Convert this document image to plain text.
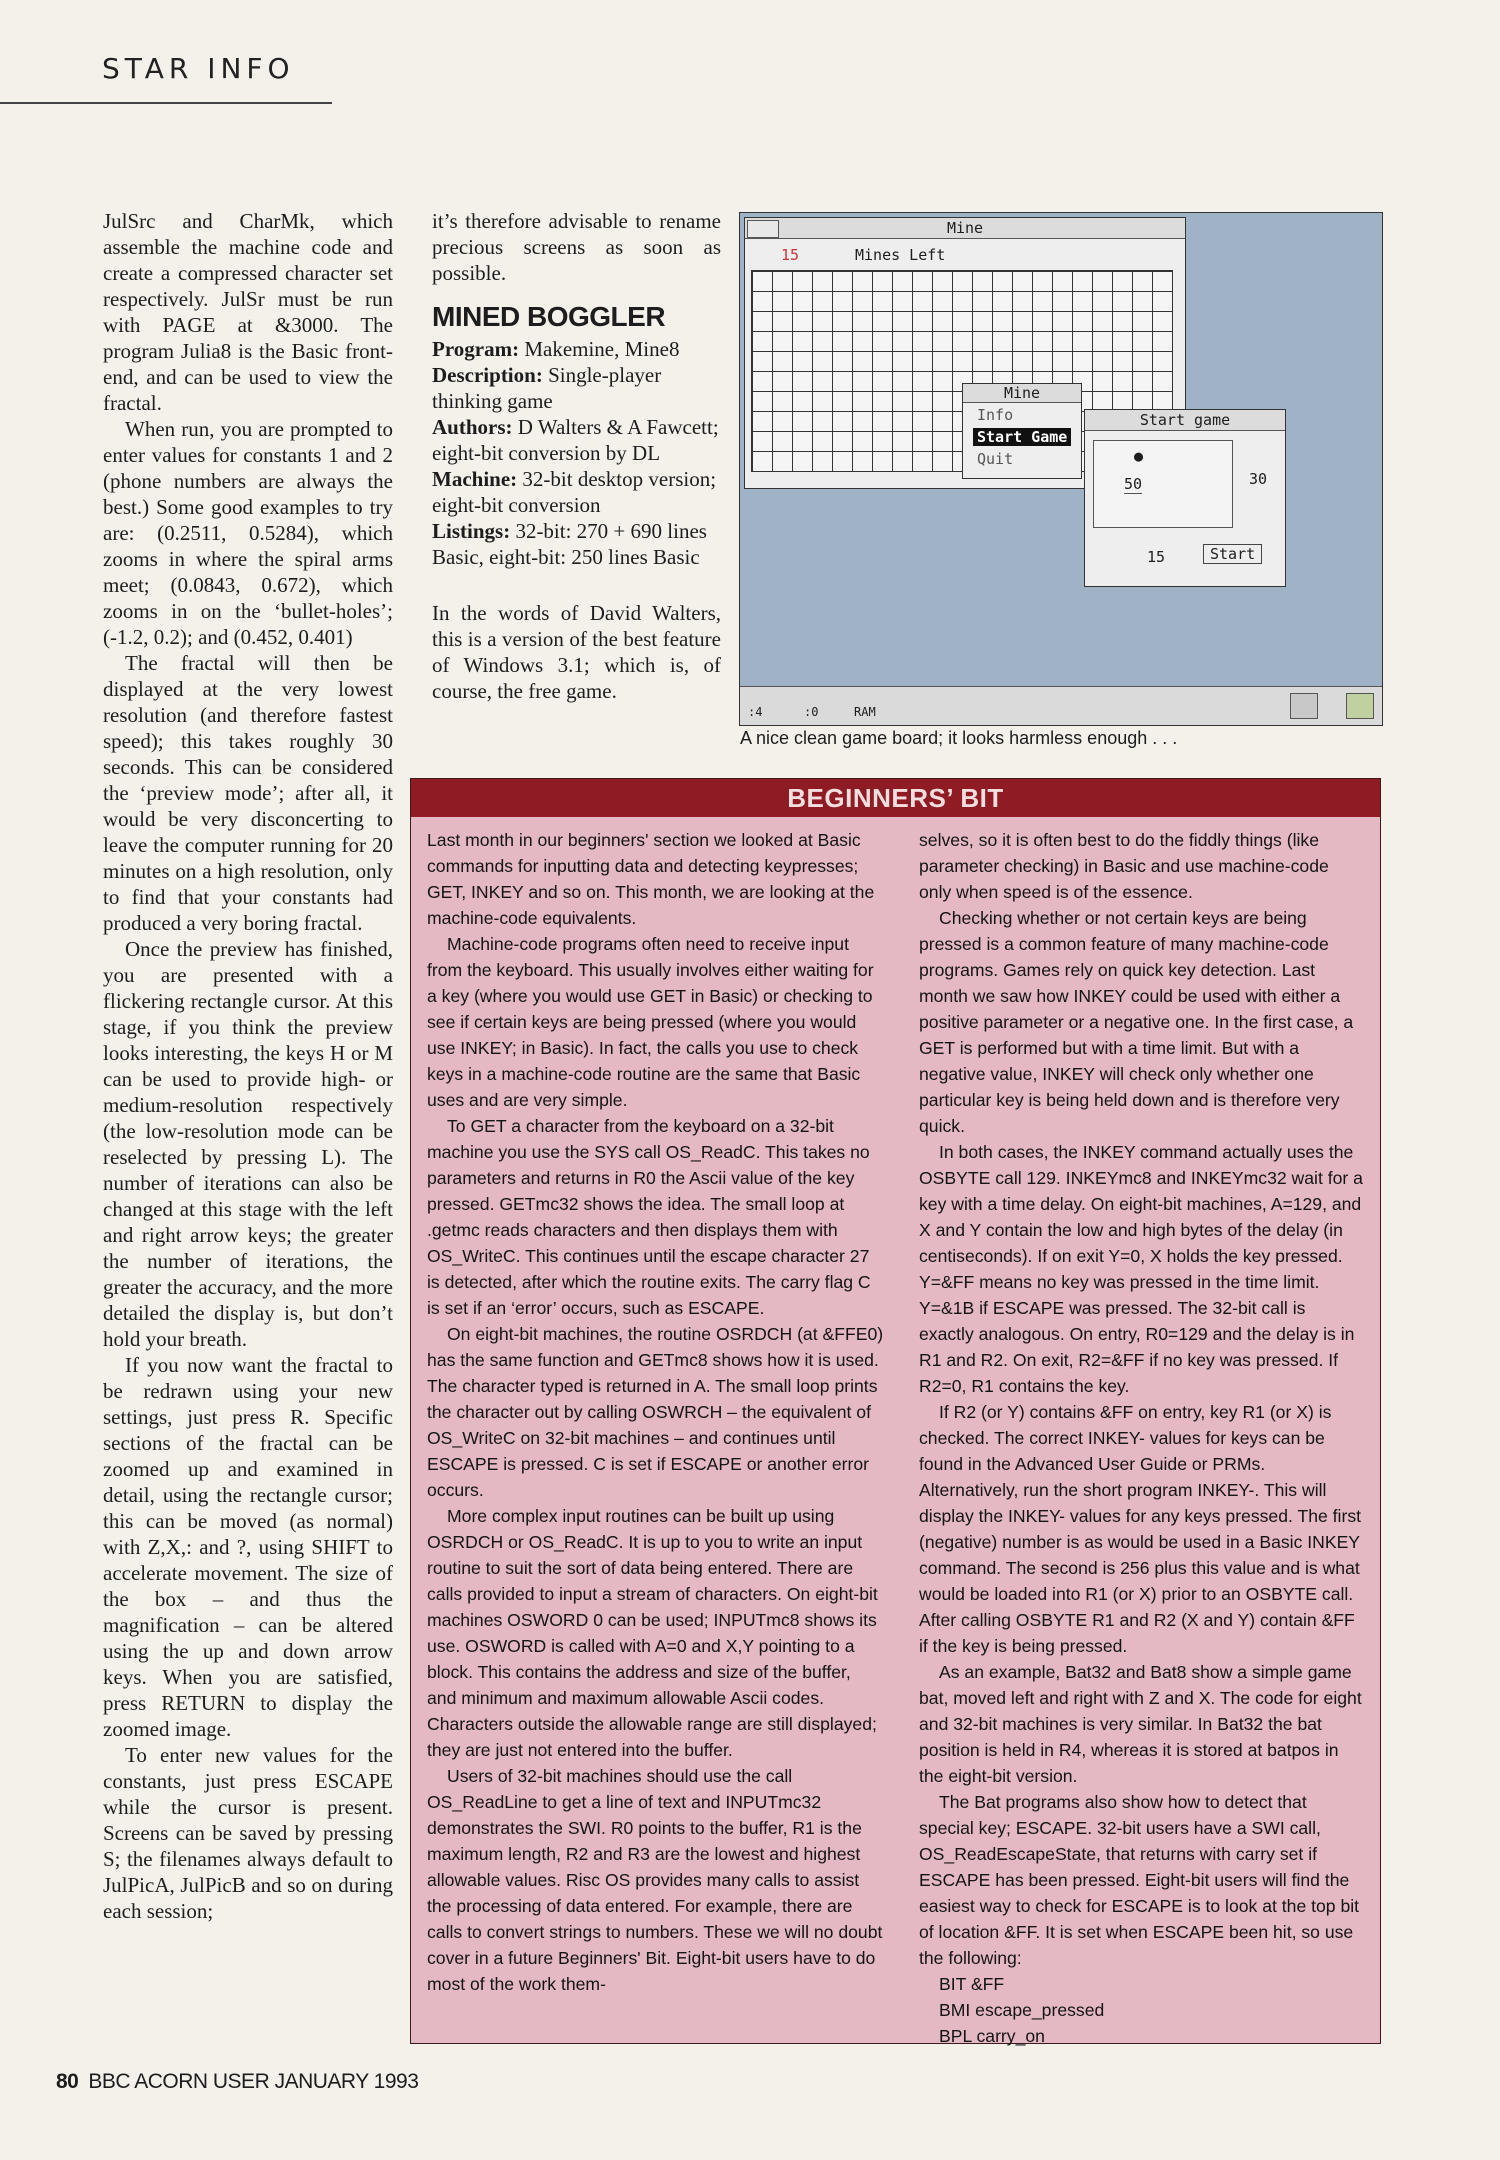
STAR INFO

JulSrc and CharMk, which assemble the machine code and create a compressed character set respectively. JulSr must be run with PAGE at &3000. The program Julia8 is the Basic front-end, and can be used to view the fractal.

When run, you are prompted to enter values for constants 1 and 2 (phone numbers are always the best.) Some good examples to try are: (0.2511, 0.5284), which zooms in where the spiral arms meet; (0.0843, 0.672), which zooms in on the ‘bullet-holes’; (-1.2, 0.2); and (0.452, 0.401)

The fractal will then be displayed at the very lowest resolution (and therefore fastest speed); this takes roughly 30 seconds. This can be considered the ‘preview mode’; after all, it would be very disconcerting to leave the computer running for 20 minutes on a high resolution, only to find that your constants had produced a very boring fractal.

Once the preview has finished, you are presented with a flickering rectangle cursor. At this stage, if you think the preview looks interesting, the keys H or M can be used to provide high- or medium-resolution respectively (the low-resolution mode can be reselected by pressing L). The number of iterations can also be changed at this stage with the left and right arrow keys; the greater the number of iterations, the greater the accuracy, and the more detailed the display is, but don’t hold your breath.

If you now want the fractal to be redrawn using your new settings, just press R. Specific sections of the fractal can be zoomed up and examined in detail, using the rectangle cursor; this can be moved (as normal) with Z,X,: and ?, using SHIFT to accelerate movement. The size of the box – and thus the magnification – can be altered using the up and down arrow keys. When you are satisfied, press RETURN to display the zoomed image.

To enter new values for the constants, just press ESCAPE while the cursor is present. Screens can be saved by pressing S; the filenames always default to JulPicA, JulPicB and so on during each session;

it’s therefore advisable to rename precious screens as soon as possible.

MINED BOGGLER
Program: Makemine, Mine8
Description: Single-player thinking game
Authors: D Walters & A Fawcett; eight-bit conversion by DL
Machine: 32-bit desktop version; eight-bit conversion
Listings: 32-bit: 270 + 690 lines Basic, eight-bit: 250 lines Basic

In the words of David Walters, this is a version of the best feature of Windows 3.1; which is, of course, the free game.

Mine
15	Mines Left
Mine
Info
Start Game
Quit
Start game
●
50	30
15	Start
:4	:0	RAM
A nice clean game board; it looks harmless enough . . .
BEGINNERS’ BIT

Last month in our beginners' section we looked at Basic commands for inputting data and detecting keypresses; GET, INKEY and so on. This month, we are looking at the machine-code equivalents.

Machine-code programs often need to receive input from the keyboard. This usually involves either waiting for a key (where you would use GET in Basic) or checking to see if certain keys are being pressed (where you would use INKEY; in Basic). In fact, the calls you use to check keys in a machine-code routine are the same that Basic uses and are very simple.

To GET a character from the keyboard on a 32-bit machine you use the SYS call OS_ReadC. This takes no parameters and returns in R0 the Ascii value of the key pressed. GETmc32 shows the idea. The small loop at .getmc reads characters and then displays them with OS_WriteC. This continues until the escape character 27 is detected, after which the routine exits. The carry flag C is set if an ‘error’ occurs, such as ESCAPE.

On eight-bit machines, the routine OSRDCH (at &FFE0) has the same function and GETmc8 shows how it is used. The character typed is returned in A. The small loop prints the character out by calling OSWRCH – the equivalent of OS_WriteC on 32-bit machines – and continues until ESCAPE is pressed. C is set if ESCAPE or another error occurs.

More complex input routines can be built up using OSRDCH or OS_ReadC. It is up to you to write an input routine to suit the sort of data being entered. There are calls provided to input a stream of characters. On eight-bit machines OSWORD 0 can be used; INPUTmc8 shows its use. OSWORD is called with A=0 and X,Y pointing to a block. This contains the address and size of the buffer, and minimum and maximum allowable Ascii codes. Characters outside the allowable range are still displayed; they are just not entered into the buffer.

Users of 32-bit machines should use the call OS_ReadLine to get a line of text and INPUTmc32 demonstrates the SWI. R0 points to the buffer, R1 is the maximum length, R2 and R3 are the lowest and highest allowable values. Risc OS provides many calls to assist the processing of data entered. For example, there are calls to convert strings to numbers. These we will no doubt cover in a future Beginners' Bit. Eight-bit users have to do most of the work them-

selves, so it is often best to do the fiddly things (like parameter checking) in Basic and use machine-code only when speed is of the essence.

Checking whether or not certain keys are being pressed is a common feature of many machine-code programs. Games rely on quick key detection. Last month we saw how INKEY could be used with either a positive parameter or a negative one. In the first case, a GET is performed but with a time limit. But with a negative value, INKEY will check only whether one particular key is being held down and is therefore very quick.

In both cases, the INKEY command actually uses the OSBYTE call 129. INKEYmc8 and INKEYmc32 wait for a key with a time delay. On eight-bit machines, A=129, and X and Y contain the low and high bytes of the delay (in centiseconds). If on exit Y=0, X holds the key pressed. Y=&FF means no key was pressed in the time limit. Y=&1B if ESCAPE was pressed. The 32-bit call is exactly analogous. On entry, R0=129 and the delay is in R1 and R2. On exit, R2=&FF if no key was pressed. If R2=0, R1 contains the key.

If R2 (or Y) contains &FF on entry, key R1 (or X) is checked. The correct INKEY- values for keys can be found in the Advanced User Guide or PRMs. Alternatively, run the short program INKEY-. This will display the INKEY- values for any keys pressed. The first (negative) number is as would be used in a Basic INKEY command. The second is 256 plus this value and is what would be loaded into R1 (or X) prior to an OSBYTE call. After calling OSBYTE R1 and R2 (X and Y) contain &FF if the key is being pressed.

As an example, Bat32 and Bat8 show a simple game bat, moved left and right with Z and X. The code for eight and 32-bit machines is very similar. In Bat32 the bat position is held in R4, whereas it is stored at batpos in the eight-bit version.

The Bat programs also show how to detect that special key; ESCAPE. 32-bit users have a SWI call, OS_ReadEscapeState, that returns with carry set if ESCAPE has been pressed. Eight-bit users will find the easiest way to check for ESCAPE is to look at the top bit of location &FF. It is set when ESCAPE been hit, so use the following:

BIT &FF

BMI escape_pressed

BPL carry_on

80 BBC ACORN USER JANUARY 1993
